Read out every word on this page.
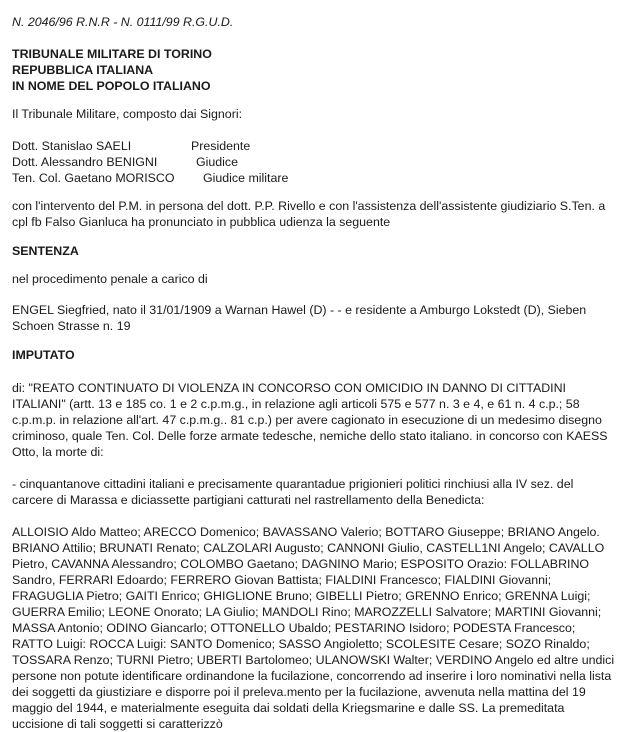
N. 2046/96 R.N.R - N. 0111/99 R.G.U.D.
TRIBUNALE MILITARE DI TORINO
REPUBBLICA ITALIANA
IN NOME DEL POPOLO ITALIANO
Il Tribunale Militare, composto dai Signori:
Dott. Stanislao SAELI	Presidente
Dott. Alessandro BENIGNI	Giudice
Ten. Col. Gaetano MORISCO	Giudice militare
con l'intervento del P.M. in persona del dott. P.P. Rivello e con l'assistenza dell'assistente giudiziario S.Ten. a cpl fb Falso Gianluca ha pronunciato in pubblica udienza la seguente
SENTENZA
nel procedimento penale a carico di
ENGEL Siegfried, nato il 31/01/1909 a Warnan Hawel (D) - - e residente a Amburgo Lokstedt (D), Sieben Schoen Strasse n. 19
IMPUTATO
di: "REATO CONTINUATO DI VIOLENZA IN CONCORSO CON OMICIDIO IN DANNO DI CITTADINI ITALIANI" (artt. 13 e 185 co. 1 e 2 c.p.m.g., in relazione agli articoli 575 e 577 n. 3 e 4, e 61 n. 4 c.p.; 58 c.p.m.p. in relazione all'art. 47 c.p.m.g.. 81 c.p.) per avere cagionato in esecuzione di un medesimo disegno criminoso, quale Ten. Col. Delle forze armate tedesche, nemiche dello stato italiano. in concorso con KAESS Otto, la morte di:
- cinquantanove cittadini italiani e precisamente quarantadue prigionieri politici rinchiusi alla IV sez. del carcere di Marassa e diciassette partigiani catturati nel rastrellamento della Benedicta:
ALLOISIO Aldo Matteo; ARECCO Domenico; BAVASSANO Valerio; BOTTARO Giuseppe; BRIANO Angelo. BRIANO Attilio; BRUNATI Renato; CALZOLARI Augusto; CANNONI Giulio, CASTELL1NI Angelo; CAVALLO Pietro, CAVANNA Alessandro; COLOMBO Gaetano; DAGNINO Mario; ESPOSITO Orazio: FOLLABRINO Sandro, FERRARI Edoardo; FERRERO Giovan Battista; FIALDINI Francesco; FIALDINI Giovanni; FRAGUGLIA Pietro; GAITI Enrico; GHIGLIONE Bruno; GIBELLI Pietro; GRENNO Enrico; GRENNA Luigi; GUERRA Emilio; LEONE Onorato; LA Giulio; MANDOLI Rino; MAROZZELLI Salvatore; MARTINI Giovanni; MASSA Antonio; ODINO Giancarlo; OTTONELLO Ubaldo; PESTARINO Isidoro; PODESTA Francesco; RATTO Luigi: ROCCA Luigi: SANTO Domenico; SASSO Angioletto; SCOLESITE Cesare; SOZO Rinaldo; TOSSARA Renzo; TURNI Pietro; UBERTI Bartolomeo; ULANOWSKI Walter; VERDINO Angelo ed altre undici persone non potute identificare ordinandone la fucilazione, concorrendo ad inserire i loro nominativi nella lista dei soggetti da giustiziare e disporre poi il preleva.mento per la fucilazione, avvenuta nella mattina del 19 maggio del 1944, e materialmente eseguita dai soldati della Kriegsmarine e dalle SS. La premeditata uccisione di tali soggetti si caratterizzò
